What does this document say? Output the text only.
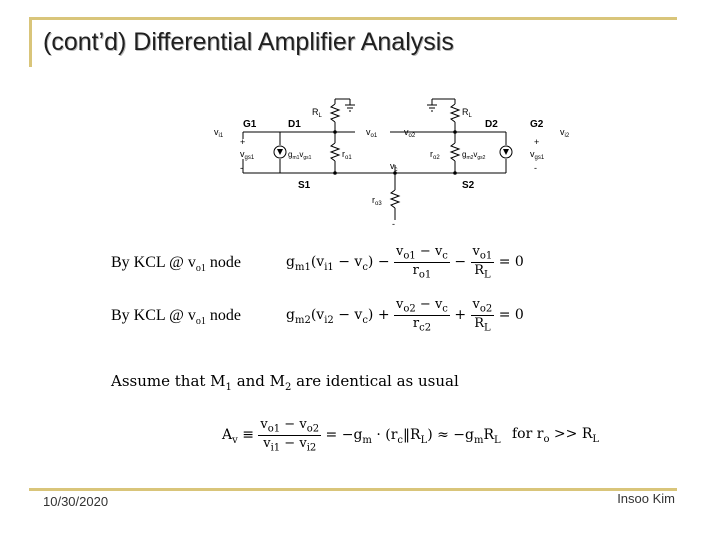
(cont’d) Differential Amplifier Analysis
G1	D1	D2	G2
S1	S2
$R_L$	$R_L$
$v_{i1}$	$v_{i2}$
$v_{o1}$	$v_{o2}$
+
-
+
-
$v_{gs1}$	$v_{gs1}$
$g_{m1}v_{gs1}$	$g_{m2}v_{gs2}$
$r_{o1}$	$r_{o2}$
$r_{o3}$
$v_c$
-
By KCL @ $v_{o1}$ node	$g_{m1}(v_{i1} - v_c) - \frac{v_{o1} - v_c}{r_{o1}} - \frac{v_{o1}}{R_L} = 0$
By KCL @ $v_{o1}$ node	$g_{m2}(v_{i2} - v_c) + \frac{v_{o2} - v_c}{r_{c2}} + \frac{v_{o2}}{R_L} = 0$
Assume that $M_1$ and $M_2$ are identical as usual
$A_v \equiv \frac{v_{o1} - v_{o2}}{v_{i1} - v_{i2}} = -g_m$ · $(r_c‖R_L) \approx -g_mR_L$ for $r_o >> R_L$
10/30/2020	Insoo Kim
